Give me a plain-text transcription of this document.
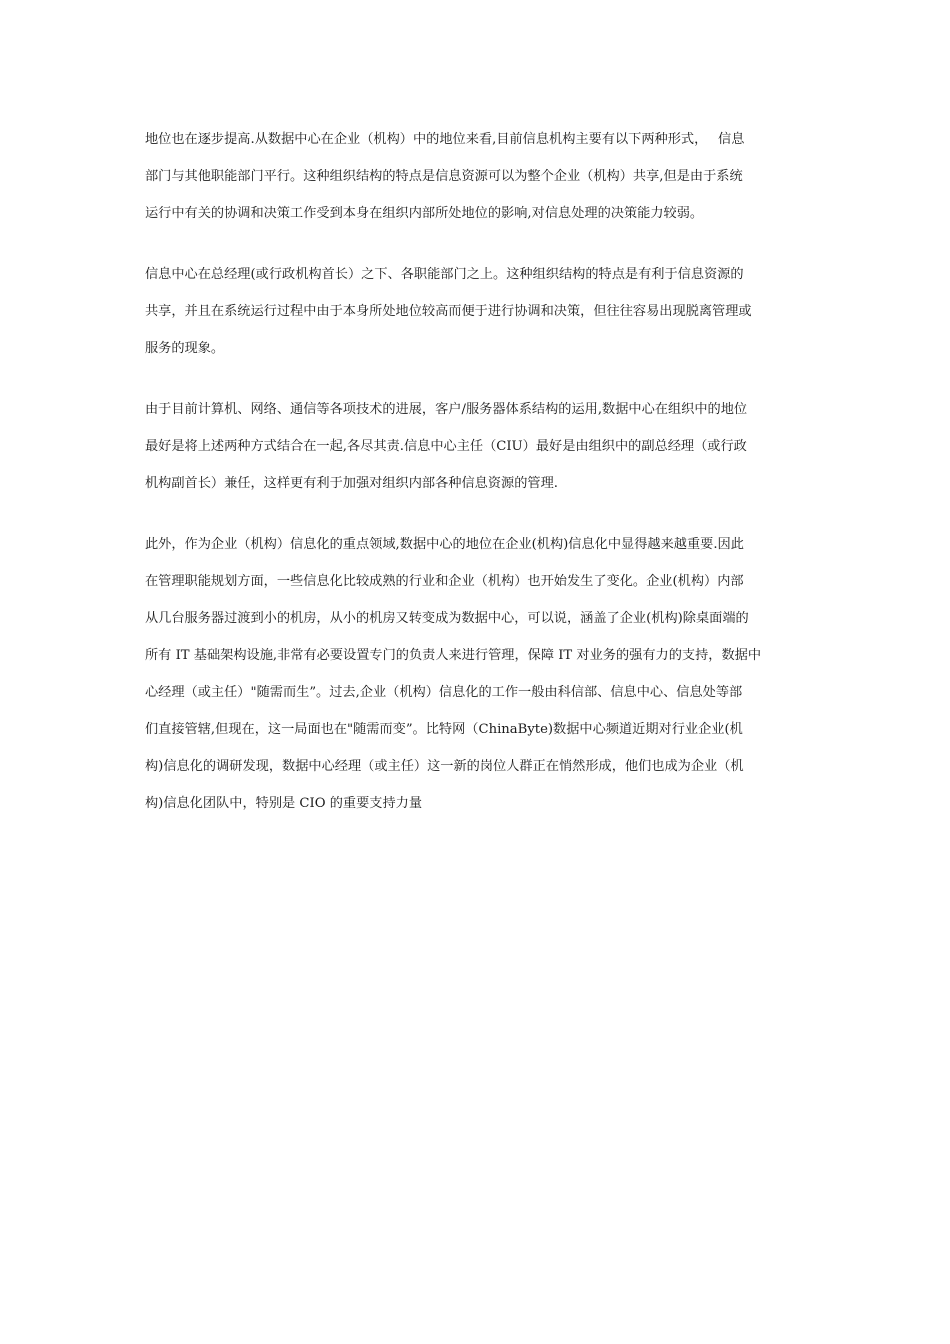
地位也在逐步提高.从数据中心在企业（机构）中的地位来看,目前信息机构主要有以下两种形式，　 信息
部门与其他职能部门平行。这种组织结构的特点是信息资源可以为整个企业（机构）共享,但是由于系统
运行中有关的协调和决策工作受到本身在组织内部所处地位的影响,对信息处理的决策能力较弱。
信息中心在总经理(或行政机构首长）之下、各职能部门之上。这种组织结构的特点是有利于信息资源的
共享，并且在系统运行过程中由于本身所处地位较高而便于进行协调和决策，但往往容易出现脱离管理或
服务的现象。
由于目前计算机、网络、通信等各项技术的进展，客户/服务器体系结构的运用,数据中心在组织中的地位
最好是将上述两种方式结合在一起,各尽其责.信息中心主任（CIU）最好是由组织中的副总经理（或行政
机构副首长）兼任，这样更有利于加强对组织内部各种信息资源的管理.
此外，作为企业（机构）信息化的重点领域,数据中心的地位在企业(机构)信息化中显得越来越重要.因此
在管理职能规划方面，一些信息化比较成熟的行业和企业（机构）也开始发生了变化。企业(机构）内部
从几台服务器过渡到小的机房，从小的机房又转变成为数据中心，可以说，涵盖了企业(机构)除桌面端的
所有 IT 基础架构设施,非常有必要设置专门的负责人来进行管理，保障 IT 对业务的强有力的支持，数据中
心经理（或主任）"随需而生”。过去,企业（机构）信息化的工作一般由科信部、信息中心、信息处等部
们直接管辖,但现在，这一局面也在"随需而变”。比特网（ChinaByte)数据中心频道近期对行业企业(机
构)信息化的调研发现，数据中心经理（或主任）这一新的岗位人群正在悄然形成，他们也成为企业（机
构)信息化团队中，特别是 CIO 的重要支持力量
